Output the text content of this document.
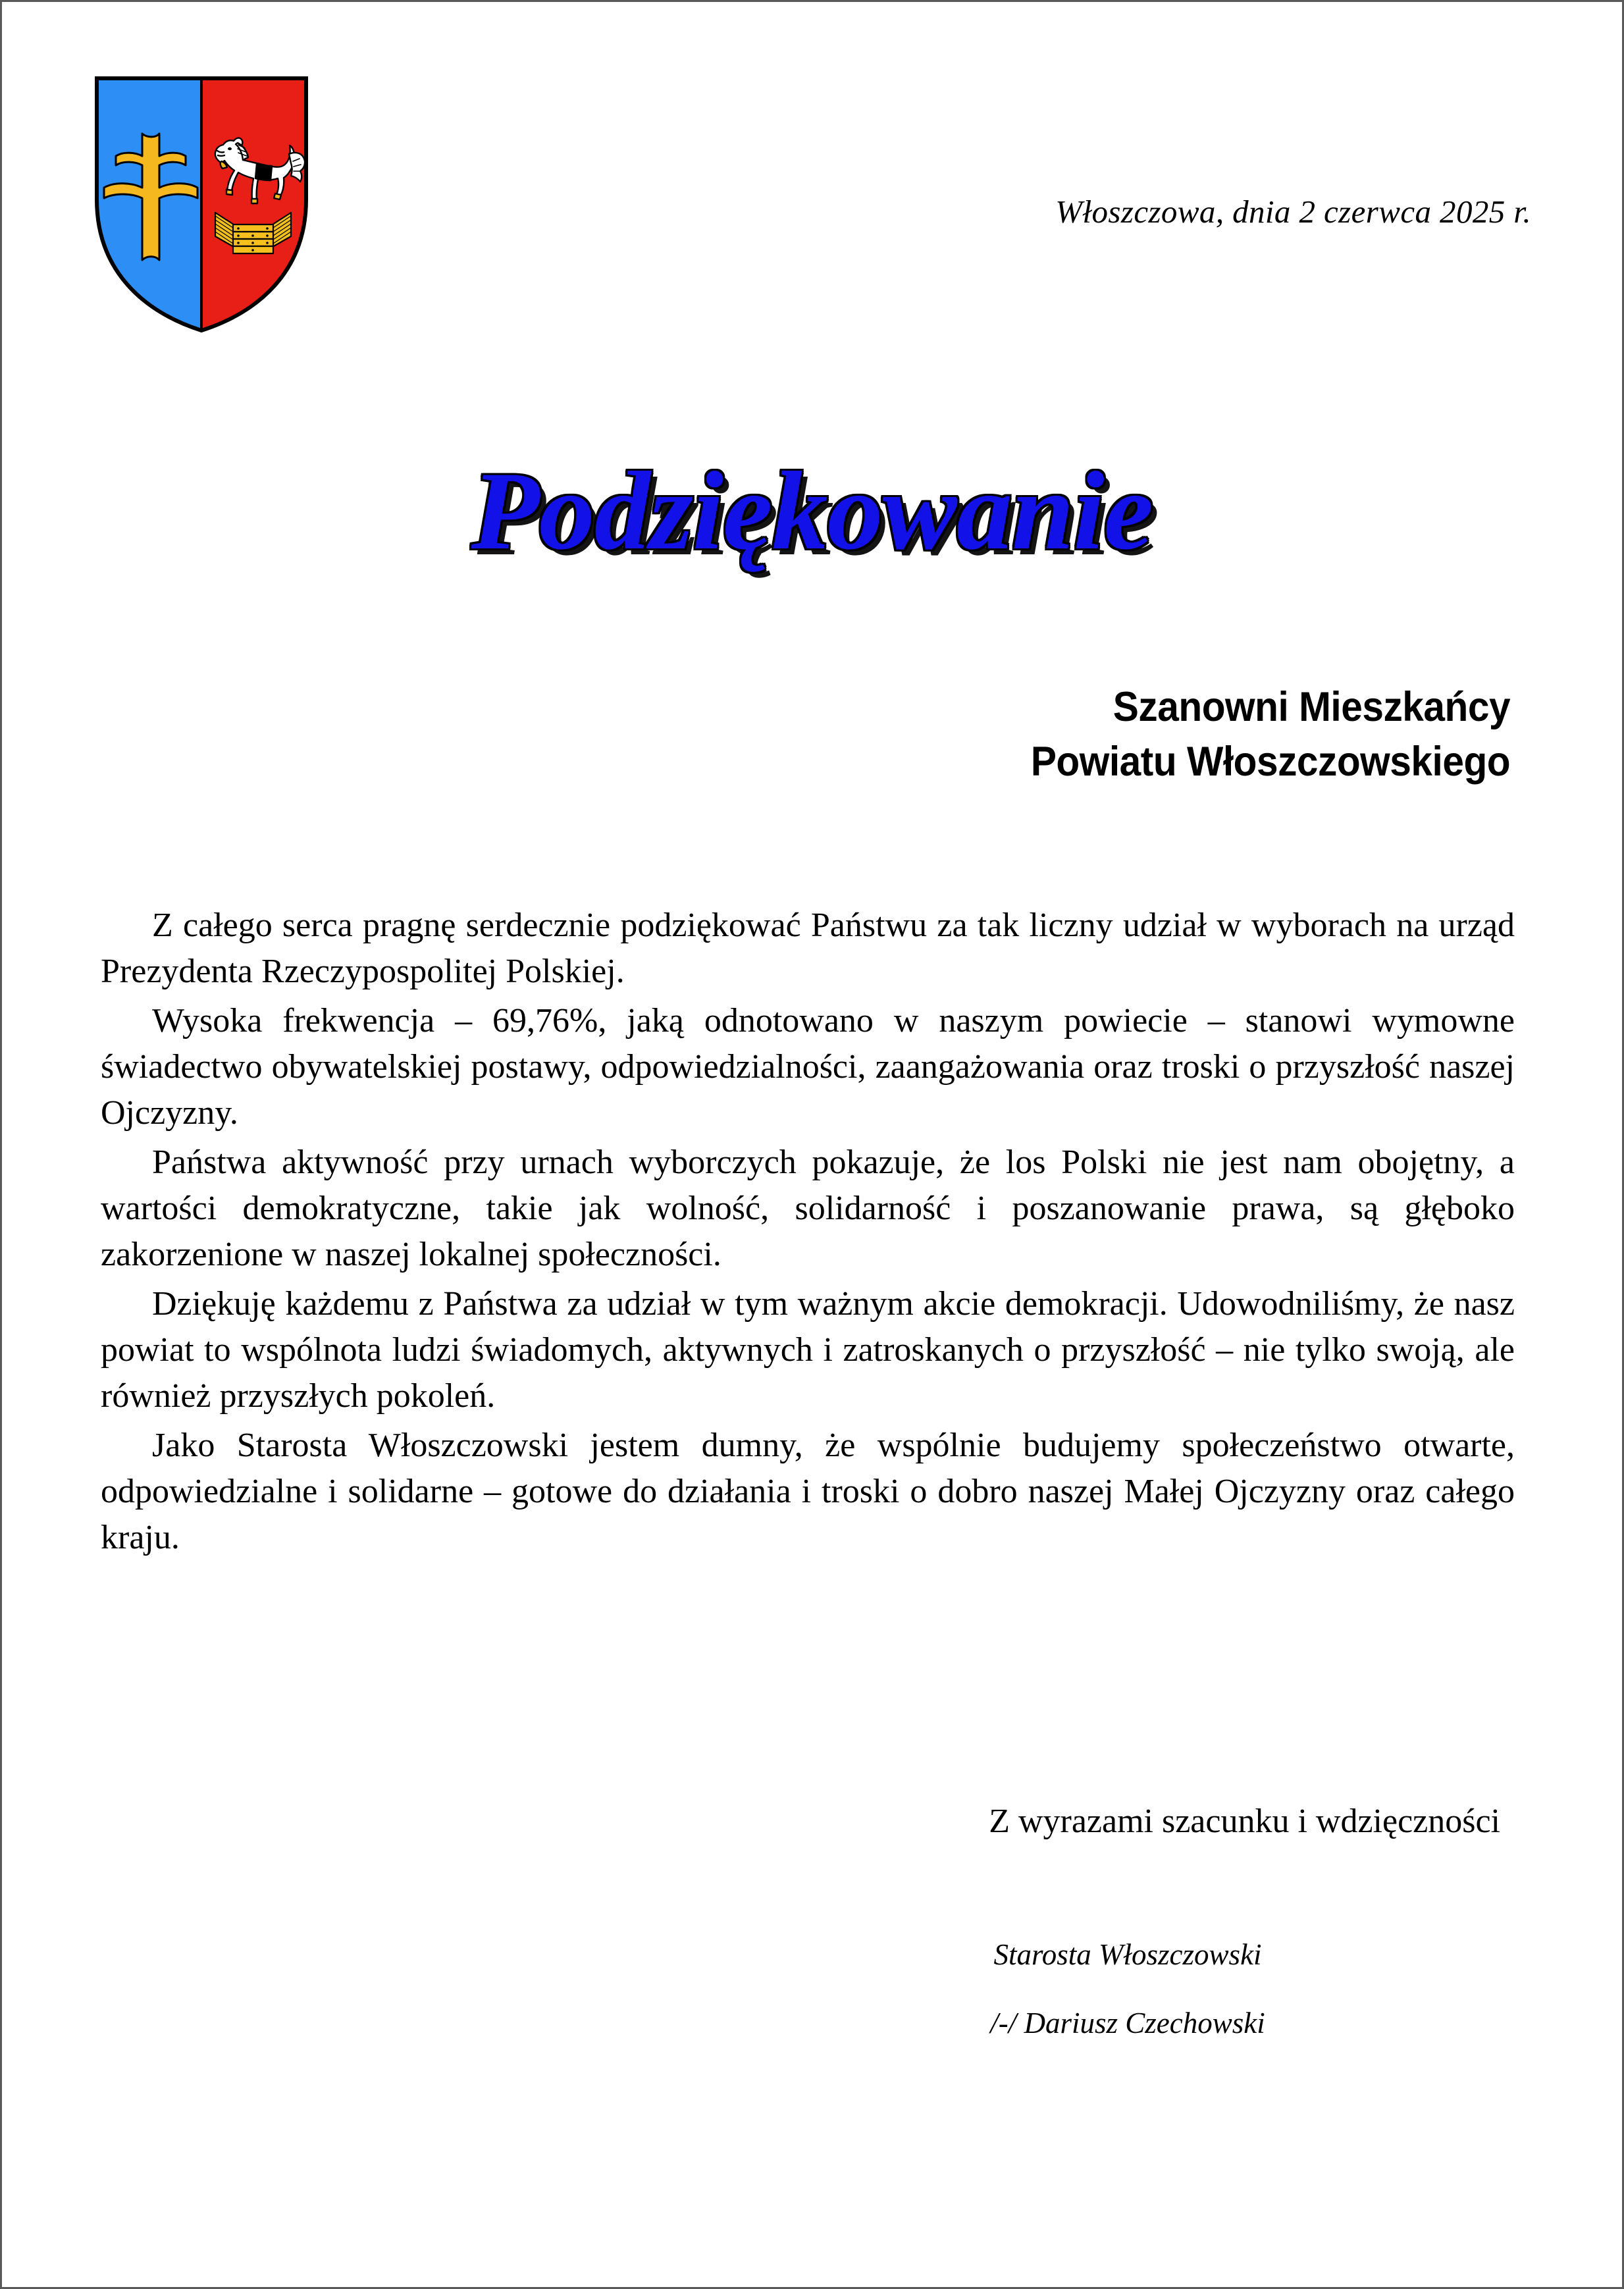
Włoszczowa, dnia 2 czerwca 2025 r.
Podziękowanie
Szanowni Mieszkańcy
Powiatu Włoszczowskiego

Z całego serca pragnę serdecznie podziękować Państwu za tak liczny udział w wyborach na urząd Prezydenta Rzeczypospolitej Polskiej.

Wysoka frekwencja – 69,76%, jaką odnotowano w naszym powiecie – stanowi wymowne świadectwo obywatelskiej postawy, odpowiedzialności, zaangażowania oraz troski o przyszłość naszej Ojczyzny.

Państwa aktywność przy urnach wyborczych pokazuje, że los Polski nie jest nam obojętny, a wartości demokratyczne, takie jak wolność, solidarność i poszanowanie prawa, są głęboko zakorzenione w naszej lokalnej społeczności.

Dziękuję każdemu z Państwa za udział w tym ważnym akcie demokracji. Udowodniliśmy, że nasz powiat to wspólnota ludzi świadomych, aktywnych i zatroskanych o przyszłość – nie tylko swoją, ale również przyszłych pokoleń.

Jako Starosta Włoszczowski jestem dumny, że wspólnie budujemy społeczeństwo otwarte, odpowiedzialne i solidarne – gotowe do działania i troski o dobro naszej Małej Ojczyzny oraz całego kraju.

Z wyrazami szacunku i wdzięczności
Starosta Włoszczowski
/-/ Dariusz Czechowski
